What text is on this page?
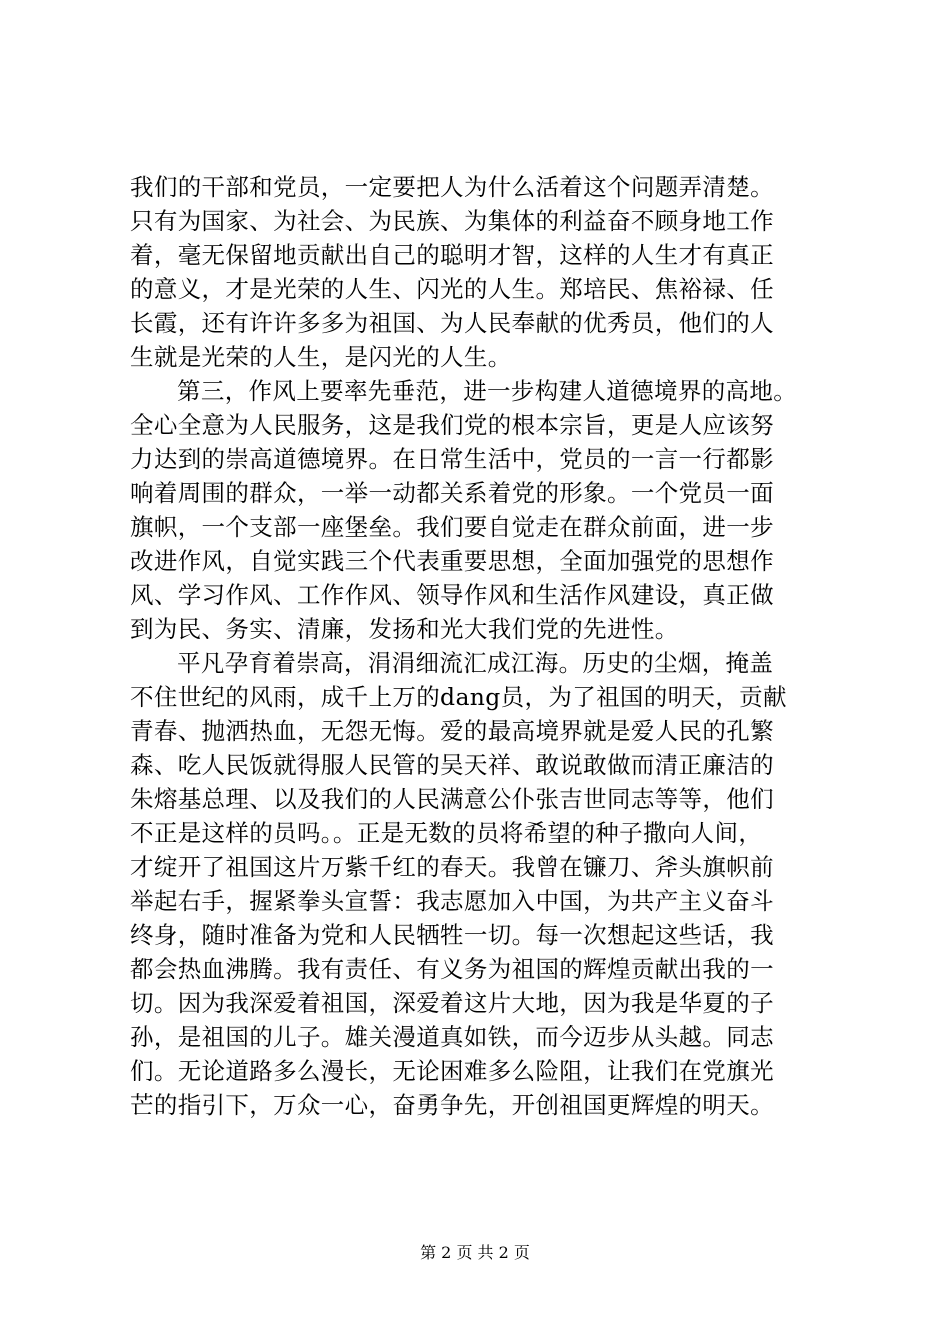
我们的干部和党员，一定要把人为什么活着这个问题弄清楚。
只有为国家、为社会、为民族、为集体的利益奋不顾身地工作
着，毫无保留地贡献出自己的聪明才智，这样的人生才有真正
的意义，才是光荣的人生、闪光的人生。郑培民、焦裕禄、任
长霞，还有许许多多为祖国、为人民奉献的优秀员，他们的人
生就是光荣的人生，是闪光的人生。
第三，作风上要率先垂范，进一步构建人道德境界的高地。
全心全意为人民服务，这是我们党的根本宗旨，更是人应该努
力达到的崇高道德境界。在日常生活中，党员的一言一行都影
响着周围的群众，一举一动都关系着党的形象。一个党员一面
旗帜，一个支部一座堡垒。我们要自觉走在群众前面，进一步
改进作风，自觉实践三个代表重要思想，全面加强党的思想作
风、学习作风、工作作风、领导作风和生活作风建设，真正做
到为民、务实、清廉，发扬和光大我们党的先进性。
平凡孕育着崇高，涓涓细流汇成江海。历史的尘烟，掩盖
不住世纪的风雨，成千上万的dang员，为了祖国的明天，贡献
青春、抛洒热血，无怨无悔。爱的最高境界就是爱人民的孔繁
森、吃人民饭就得服人民管的吴天祥、敢说敢做而清正廉洁的
朱熔基总理、以及我们的人民满意公仆张吉世同志等等，他们
不正是这样的员吗。。正是无数的员将希望的种子撒向人间，
才绽开了祖国这片万紫千红的春天。我曾在镰刀、斧头旗帜前
举起右手，握紧拳头宣誓：我志愿加入中国，为共产主义奋斗
终身，随时准备为党和人民牺牲一切。每一次想起这些话，我
都会热血沸腾。我有责任、有义务为祖国的辉煌贡献出我的一
切。因为我深爱着祖国，深爱着这片大地，因为我是华夏的子
孙，是祖国的儿子。雄关漫道真如铁，而今迈步从头越。同志
们。无论道路多么漫长，无论困难多么险阻，让我们在党旗光
芒的指引下，万众一心，奋勇争先，开创祖国更辉煌的明天。
第 2 页 共 2 页
